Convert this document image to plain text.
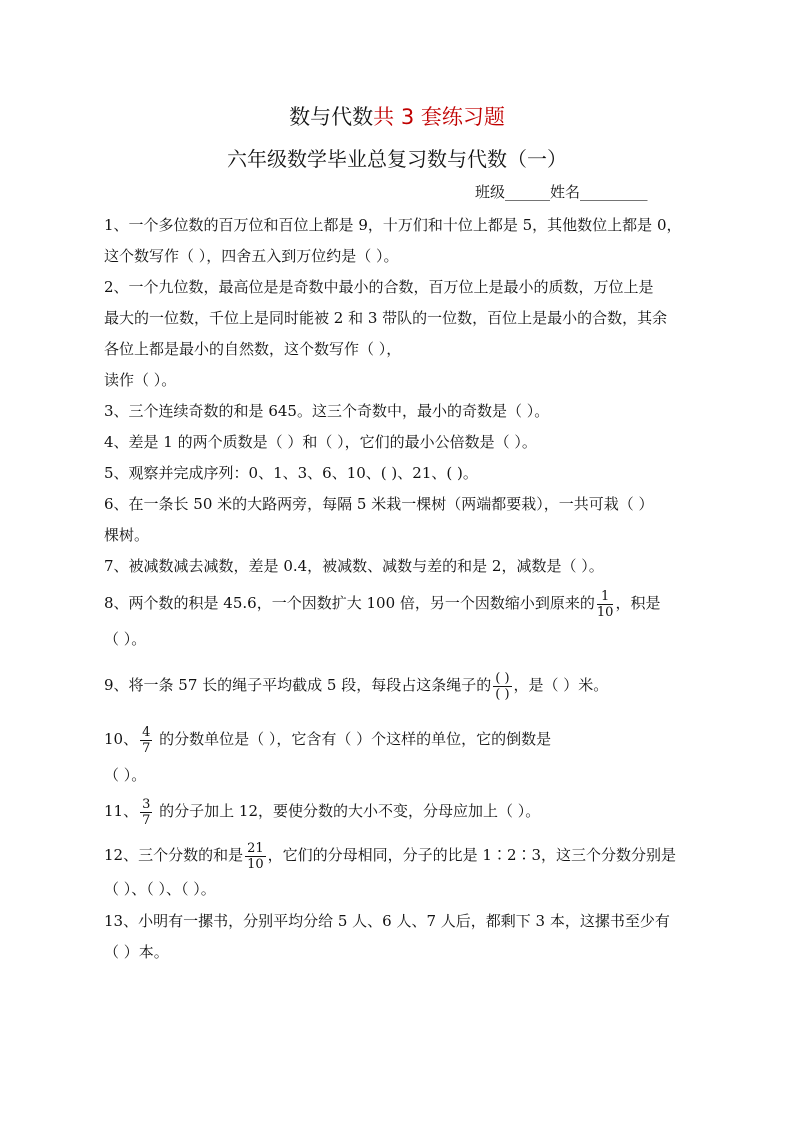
数与代数共 3 套练习题
六年级数学毕业总复习数与代数（一）
班级______姓名_________
1、一个多位数的百万位和百位上都是 9，十万们和十位上都是 5，其他数位上都是 0，
这个数写作（ ），四舍五入到万位约是（ ）。
2、一个九位数，最高位是是奇数中最小的合数，百万位上是最小的质数，万位上是
最大的一位数，千位上是同时能被 2 和 3 带队的一位数，百位上是最小的合数，其余
各位上都是最小的自然数，这个数写作（ ），
读作（ ）。
3、三个连续奇数的和是 645。这三个奇数中，最小的奇数是（ ）。
4、差是 1 的两个质数是（ ）和（ ），它们的最小公倍数是（ ）。
5、观察并完成序列：0、1、3、6、10、( )、21、( )。
6、在一条长 50 米的大路两旁，每隔 5 米栽一棵树（两端都要栽），一共可栽（ ）
棵树。
7、被减数减去减数，差是 0.4，被减数、减数与差的和是 2，减数是（ ）。
8、两个数的积是 45.6，一个因数扩大 100 倍，另一个因数缩小到原来的 $\frac{1}{10}$ ，积是
（ ）。
9、将一条 57 长的绳子平均截成 5 段，每段占这条绳子的 $\frac{( )}{( )}$ ，是（ ）米。
10、 $\frac{4}{7}$ 的分数单位是（ ），它含有（ ）个这样的单位，它的倒数是
（ ）。
11、 $\frac{3}{7}$ 的分子加上 12，要使分数的大小不变，分母应加上（ ）。
12、三个分数的和是 $\frac{21}{10}$ ，它们的分母相同，分子的比是 1∶2∶3，这三个分数分别是
（ ）、（ ）、（ ）。
13、小明有一摞书，分别平均分给 5 人、6 人、7 人后，都剩下 3 本，这摞书至少有
（ ）本。
